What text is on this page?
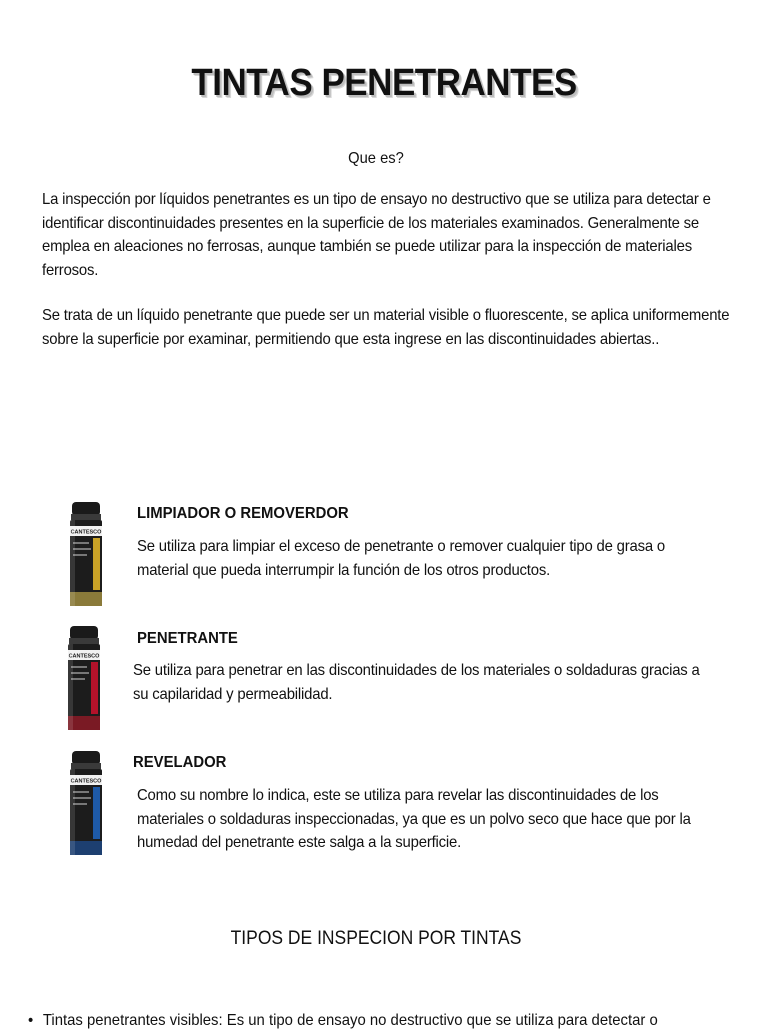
TINTAS PENETRANTES
Que es?
La inspección por líquidos penetrantes es un tipo de ensayo no destructivo que se utiliza para detectar e identificar discontinuidades presentes en la superficie de los materiales examinados. Generalmente se emplea en aleaciones no ferrosas, aunque también se puede utilizar para la inspección de materiales ferrosos.
Se trata de un líquido penetrante que puede ser un material visible o fluorescente, se aplica uniformemente sobre la superficie por examinar, permitiendo que esta ingrese en las discontinuidades abiertas..
CANTESCO
LIMPIADOR O REMOVERDOR
Se utiliza para limpiar el exceso de penetrante o remover cualquier tipo de grasa o material que pueda interrumpir la función de los otros productos.
CANTESCO
PENETRANTE
Se utiliza para penetrar en las discontinuidades de los materiales o soldaduras gracias a su capilaridad y permeabilidad.
CANTESCO
REVELADOR
Como su nombre lo indica, este se utiliza para revelar las discontinuidades de los materiales o soldaduras inspeccionadas, ya que es un polvo seco que hace que por la humedad del penetrante este salga a la superficie.
TIPOS DE INSPECION POR TINTAS
• Tintas penetrantes visibles: Es un tipo de ensayo no destructivo que se utiliza para detectar o
